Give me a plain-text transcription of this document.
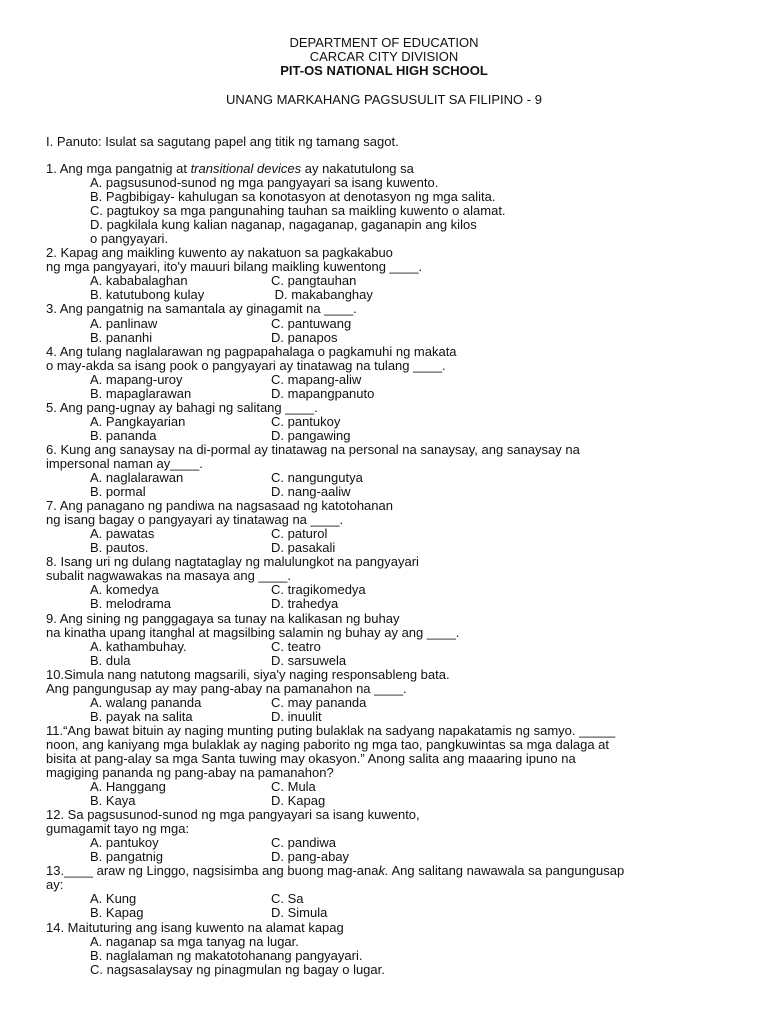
DEPARTMENT OF EDUCATION
CARCAR CITY DIVISION
PIT-OS NATIONAL HIGH SCHOOL
UNANG MARKAHANG PAGSUSULIT SA FILIPINO - 9
I. Panuto: Isulat sa sagutang papel ang titik ng tamang sagot.
1. Ang mga pangatnig at transitional devices ay nakatutulong sa
A. pagsusunod-sunod ng mga pangyayari sa isang kuwento.
B. Pagbibigay- kahulugan sa konotasyon at denotasyon ng mga salita.
C. pagtukoy sa mga pangunahing tauhan sa maikling kuwento o alamat.
D. pagkilala kung kalian naganap, nagaganap, gaganapin ang kilos
o pangyayari.
2. Kapag ang maikling kuwento ay nakatuon sa pagkakabuo
ng mga pangyayari, ito'y mauuri bilang maikling kuwentong ____.
A. kababalaghan	C. pangtauhan
B. katutubong kulay	D. makabanghay
3. Ang pangatnig na samantala ay ginagamit na ____.
A. panlinaw	C. pantuwang
B. pananhi	D. panapos
4. Ang tulang naglalarawan ng pagpapahalaga o pagkamuhi ng makata
o may-akda sa isang pook o pangyayari ay tinatawag na tulang ____.
A. mapang-uroy	C. mapang-aliw
B. mapaglarawan	D. mapangpanuto
5. Ang pang-ugnay ay bahagi ng salitang ____.
A. Pangkayarian	C. pantukoy
B. pananda	D. pangawing
6. Kung ang sanaysay na di-pormal ay tinatawag na personal na sanaysay, ang sanaysay na
impersonal naman ay____.
A. naglalarawan	C. nangungutya
B. pormal	D. nang-aaliw
7. Ang panagano ng pandiwa na nagsasaad ng katotohanan
ng isang bagay o pangyayari ay tinatawag na ____.
A. pawatas	C. paturol
B. pautos.	D. pasakali
8. Isang uri ng dulang nagtataglay ng malulungkot na pangyayari
subalit nagwawakas na masaya ang ____.
A. komedya	C. tragikomedya
B. melodrama	D. trahedya
9. Ang sining ng panggagaya sa tunay na kalikasan ng buhay
na kinatha upang itanghal at magsilbing salamin ng buhay ay ang ____.
A. kathambuhay.	C. teatro
B. dula	D. sarsuwela
10.Simula nang natutong magsarili, siya'y naging responsableng bata.
Ang pangungusap ay may pang-abay na pamanahon na ____.
A. walang pananda	C. may pananda
B. payak na salita	D. inuulit
11.“Ang bawat bituin ay naging munting puting bulaklak na sadyang napakatamis ng samyo. _____
noon, ang kaniyang mga bulaklak ay naging paborito ng mga tao, pangkuwintas sa mga dalaga at
bisita at pang-alay sa mga Santa tuwing may okasyon.” Anong salita ang maaaring ipuno na
magiging pananda ng pang-abay na pamanahon?
A. Hanggang	C. Mula
B. Kaya	D. Kapag
12. Sa pagsusunod-sunod ng mga pangyayari sa isang kuwento,
gumagamit tayo ng mga:
A. pantukoy	C. pandiwa
B. pangatnig	D. pang-abay
13.____ araw ng Linggo, nagsisimba ang buong mag-anak. Ang salitang nawawala sa pangungusap
ay:
A. Kung	C. Sa
B. Kapag	D. Simula
14. Maituturing ang isang kuwento na alamat kapag
A. naganap sa mga tanyag na lugar.
B. naglalaman ng makatotohanang pangyayari.
C. nagsasalaysay ng pinagmulan ng bagay o lugar.
